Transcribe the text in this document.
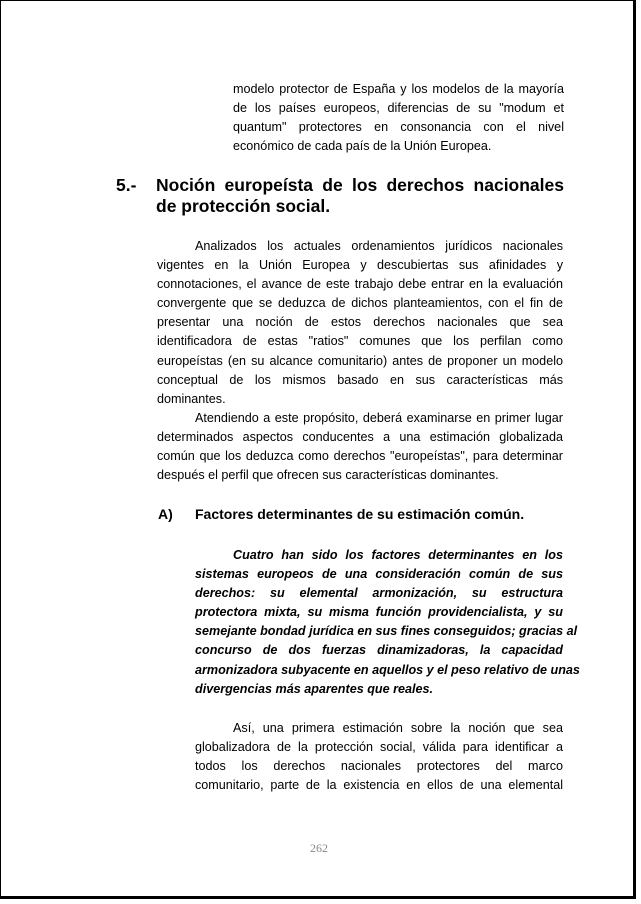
modelo protector de España y los modelos de la mayoría
de los países europeos, diferencias de su "modum et
quantum" protectores en consonancia con el nivel
económico de cada país de la Unión Europea.
5.- Noción europeísta de los derechos nacionales
de protección social.
Analizados los actuales ordenamientos jurídicos nacionales
vigentes en la Unión Europea y descubiertas sus afinidades y
connotaciones, el avance de este trabajo debe entrar en la evaluación
convergente que se deduzca de dichos planteamientos, con el fin de
presentar una noción de estos derechos nacionales que sea
identificadora de estas "ratios" comunes que los perfilan como
europeístas (en su alcance comunitario) antes de proponer un modelo
conceptual de los mismos basado en sus características más
dominantes.
Atendiendo a este propósito, deberá examinarse en primer lugar
determinados aspectos conducentes a una estimación globalizada
común que los deduzca como derechos "europeístas", para determinar
después el perfil que ofrecen sus características dominantes.
A) Factores determinantes de su estimación común.
Cuatro han sido los factores determinantes en los
sistemas europeos de una consideración común de sus
derechos: su elemental armonización, su estructura
protectora mixta, su misma función providencialista, y su
semejante bondad jurídica en sus fines conseguidos; gracias al
concurso de dos fuerzas dinamizadoras, la capacidad
armonizadora subyacente en aquellos y el peso relativo de unas
divergencias más aparentes que reales.
Así, una primera estimación sobre la noción que sea
globalizadora de la protección social, válida para identificar a
todos los derechos nacionales protectores del marco
comunitario, parte de la existencia en ellos de una elemental
262
